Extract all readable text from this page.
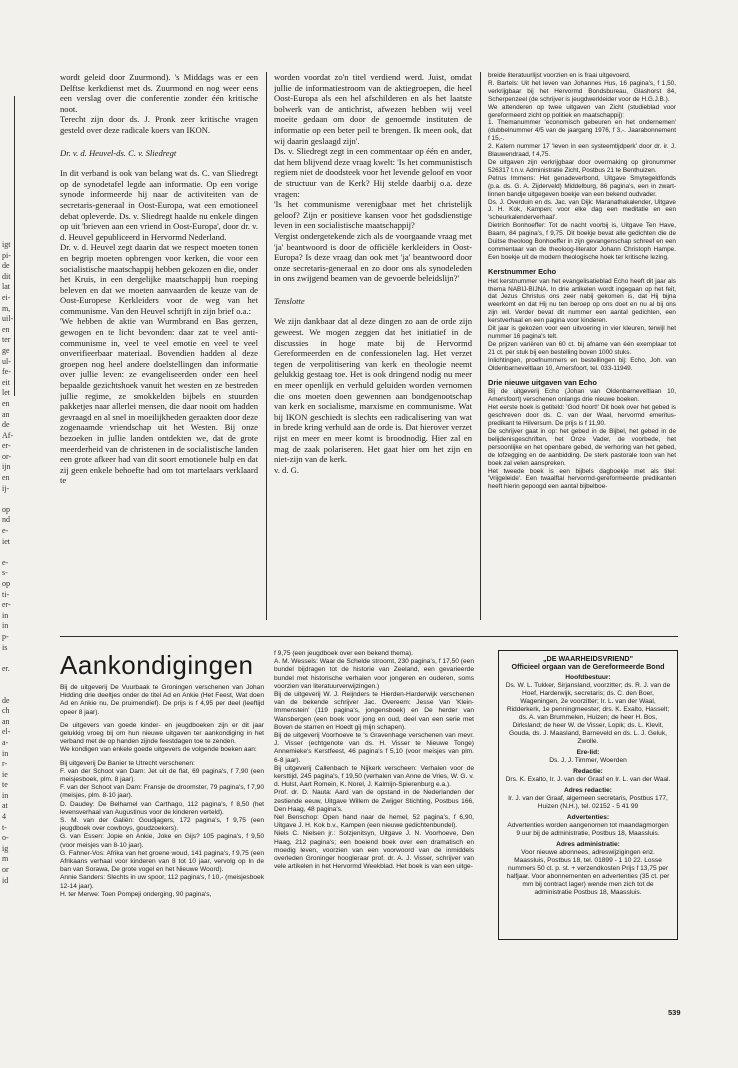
igt
pi-
de
dit
lat
ei-
m,
uil-
en
ter
ge
ul-
fe-
eit
let
en
an
de
Af-
er-
or-
ijn
en
ij-

op
nd
e-
iet

e-
s-
op
ti-
er-
in
in
p-
is

er.

de
ch
an
el-
a-
in
r-
ie
te
in
at
4
t-
o-
ig
m
or
id

wordt geleid door Zuurmond). 's Middags was er een Delftse kerkdienst met ds. Zuurmond en nog weer eens een verslag over die conferentie zonder één kritische noot.

Terecht zijn door ds. J. Pronk zeer kritische vragen gesteld over deze radicale koers van IKON.

Dr. v. d. Heuvel-ds. C. v. Sliedregt

In dit verband is ook van belang wat ds. C. van Sliedregt op de synodetafel legde aan informatie. Op een vorige synode informeerde hij naar de activiteiten van de secretaris-generaal in Oost-Europa, wat een emotioneel debat opleverde. Ds. v. Sliedregt haalde nu enkele dingen op uit 'brieven aan een vriend in Oost-Europa', door dr. v. d. Heuvel gepubliceerd in Hervormd Nederland.

Dr. v. d. Heuvel zegt daarin dat we respect moeten tonen en begrip moeten opbrengen voor kerken, die voor een socialistische maatschappij hebben gekozen en die, onder het Kruis, in een dergelijke maatschappij hun roeping beleven en dat we moeten aanvaarden de keuze van de Oost-Europese Kerkleiders voor de weg van het communisme. Van den Heuvel schrijft in zijn brief o.a.:

'We hebben de aktie van Wurmbrand en Bas gerzen, gewogen en te licht bevonden: daar zat te veel anti-communisme in, veel te veel emotie en veel te veel onverifieerbaar materiaal. Bovendien hadden al deze groepen nog heel andere doelstellingen dan informatie over jullie leven: ze evangeliseerden onder een heel bepaalde gezichtshoek vanuit het westen en ze bestreden jullie regime, ze smokkelden bijbels en stuurden pakketjes naar allerlei mensen, die daar nooit om hadden gevraagd en al snel in moeilijkheden geraakten door deze zogenaamde vriendschap uit het Westen. Bij onze bezoeken in jullie landen ontdekten we, dat de grote meerderheid van de christenen in de socialistische landen een grote afkeer had van dit soort emotionele hulp en dat zij geen enkele behoefte had om tot martelaars verklaard te

worden voordat zo'n titel verdiend werd. Juist, omdat jullie de informatiestroom van de aktiegroepen, die heel Oost-Europa als een hel afschilderen en als het laatste bolwerk van de antichrist, afwezen hebben wij veel moeite gedaan om door de genoemde instituten de informatie op een beter peil te brengen. Ik meen ook, dat wij daarin geslaagd zijn'.

Ds. v. Sliedregt zegt in een commentaar op één en ander, dat hem blijvend deze vraag kwelt: 'Is het communistisch regiem niet de doodsteek voor het levende geloof en voor de structuur van de Kerk? Hij stelde daarbij o.a. deze vragen:

'Is het communisme verenigbaar met het christelijk geloof? Zijn er positieve kansen voor het godsdienstige leven in een socialistische maatschappij?

Vergist ondergetekende zich als de voorgaande vraag met 'ja' beantwoord is door de officiële kerkleiders in Oost-Europa? Is deze vraag dan ook met 'ja' beantwoord door onze secretaris-generaal en zo door ons als synodeleden in ons zwijgend beamen van de gevoerde beleidslijn?'

Tenslotte

We zijn dankbaar dat al deze dingen zo aan de orde zijn geweest. We mogen zeggen dat het initiatief in de discussies in hoge mate bij de Hervormd Gereformeerden en de confessionelen lag. Het verzet tegen de verpolitisering van kerk en theologie neemt gelukkig gestaag toe. Het is ook dringend nodig nu meer en meer openlijk en verhuld geluiden worden vernomen die ons moeten doen gewennen aan bondgenootschap van kerk en socialisme, marxisme en communisme. Wat bij IKON geschiedt is slechts een radicalisering van wat in brede kring verhuld aan de orde is. Dat hierover verzet rijst en meer en meer komt is broodnodig. Hier zal en mag de zaak polariseren. Het gaat hier om het zijn en niet-zijn van de kerk.

v. d. G.

breide literatuurlijst voorzien en is fraai uitgevoerd.

R. Bartels: Uit het leven van Johannes Hus, 16 pagina's, f 1,50, verkrijgbaar bij het Hervormd Bondsbureau, Glashorst 84, Scherpenzeel (de schrijver is jeugdwerkleider voor de H.G.J.B.).

We attenderen op twee uitgaven van Zicht (studieblad voor gereformeerd zicht op politiek en maatschappij):

1. Themanummer 'economisch gebeuren en het ondernemen' (dubbelnummer 4/5 van de jaargang 1976, f 3,-. Jaarabonnement f 15,-.

2. Katern nummer 17 'leven in een systeemtijdperk' door dr. ir. J. Blauwendraad, f 4,75.

De uitgaven zijn verkrijgbaar door overmaking op gironummer 526317 t.n.v. Administratie Zicht, Postbus 21 te Benthuizen.

Petrus Immens: Het genadeverbond, Uitgave Smytegeldfonds (p.a. ds. G. A. Zijderveld) Middelburg, 86 pagina's, een in zwart-linnen bandje uitgegeven boekje van een bekend oudvader.

Ds. J. Overduin en ds. Jac. van Dijk: Maranathakalender, Uitgave J. H. Kok, Kampen; voor elke dag een meditatie en een 'scheurkalenderverhaal'.

Dietrich Bonhoeffer: Tot de nacht voorbij is, Uitgave Ten Have, Baarn, 84 pagina's, f 9,75. Dit boekje bevat alle gedichten die de Duitse theoloog Bonhoeffer in zijn gevangenschap schreef en een commentaar van de theoloog-literator Johann Christoph Hampe. Een boekje uit de modern theologische hoek ter kritische lezing.

Kerstnummer Echo

Het kerstnummer van het evangelisatieblad Echo heeft dit jaar als thema NABIJ-BIJNA. In drie artikelen wordt ingegaan op het feit, dat Jezus Christus ons zeer nabij gekomen is, dat Hij bijna weerkomt en dat Hij nu ten beroep op ons doet en nu al bij ons zijn wil. Verder bevat dit nummer een aantal gedichten, een kerstverhaal en een pagina voor kinderen.

Dit jaar is gekozen voor een uitvoering in vier kleuren, terwijl het nummer 16 pagina's telt.

De prijzen variëren van 60 ct. bij afname van één exemplaar tot 21 ct. per stuk bij een bestelling boven 1000 stuks.

Inlichtingen, proefnummers en bestellingen bij: Echo, Joh. van Oldenbarneveltlaan 10, Amersfoort, tel. 033-11949.

Drie nieuwe uitgaven van Echo

Bij de uitgeverij Echo (Johan van Oldenbarneveltlaan 10, Amersfoort) verschenen onlangs drie nieuwe boeken.

Het eerste boek is getiteld: 'God hoort!' Dit boek over het gebed is geschreven door ds. C. van der Waal, hervormd emeritus-predikant te Hilversum. De prijs is f 11,90.

De schrijver gaat in op: het gebed in de Bijbel, het gebed in de belijdenisgeschriften, het Onze Vader, de voorbede, het persoonlijke en het openbare gebed, de verhoring van het gebed, de lofzegging en de aanbidding. De sterk pastorale toon van het boek zal velen aanspreken.

Het tweede boek is een bijbels dagboekje met als titel: 'Vrijgeleide'. Een twaalftal hervormd-gereformeerde predikanten heeft hierin gepoogd een aantal bijbelboe-

Aankondigingen

Bij de uitgeverij De Vuurbaak te Groningen verschenen van Johan Hidding drie deeltjes onder de titel Ad en Ankie (Het Feest, Wat doen Ad en Ankie nu, De pruimendief). De prijs is f 4,95 per deel (leeftijd opeer 8 jaar).

De uitgevers van goede kinder- en jeugdboeken zijn er dit jaar gelukkig vroeg bij om hun nieuwe uitgaven ter aankondiging in het verband met de op handen zijnde feestdagen toe te zenden.

We kondigen van enkele goede uitgevers de volgende boeken aan:

Bij uitgeverij De Banier te Utrecht verschenen:

F. van der Schoot van Dam: Jet uit de flat, 69 pagina's, f 7,90 (een meisjesboek, plm. 8 jaar).

F. van der Schoot van Dam: Fransje de droomster, 79 pagina's, f 7,90 (meisjes, plm. 8-10 jaar).

D. Daudey: De Belhamel van Carthago, 112 pagina's, f 8,50 (het levensverhaal van Augustinus voor de kinderen verteld).

S. M. van der Galiën: Goudjagers, 172 pagina's, f 9,75 (een jeugdboek over cowboys, goudzoekers).

G. van Essen: Jopie en Ankie, Joke en Gijs? 105 pagina's, f 9,50 (voor meisjes van 8-10 jaar).

G. Fahner-Vos: Afrika van het groene woud, 141 pagina's, f 9,75 (een Afrikaans verhaal voor kinderen van 8 tot 10 jaar, vervolg op In de ban van Sorawa, De grote vogel en het Nieuwe Woord).

Annie Sanders: Slechts in uw spoor, 112 pagina's, f 10,- (meisjesboek 12-14 jaar).

H. ter Merwe: Toen Pompeji onderging, 90 pagina's,

f 9,75 (een jeugdboek over een bekend thema).

A. M. Wessels: Waar de Schelde stroomt, 230 pagina's, f 17,50 (een bundel bijdragen tot de historie van Zeeland, een gevarieerde bundel met historische verhalen voor jongeren en ouderen, soms voorzien van literatuurverwijzingen.)

Bij de uitgeverij W. J. Reijnders te Hierden-Harderwijk verschenen van de bekende schrijver Jac. Overeem: Jesse Van 'Klein-Immenstein' (119 pagina's, jongensboek) en De herder van Wansbergen (een boek voor jong en oud, deel van een serie met Boven de starren en Hoedt gij mijn schapen).

Bij de uitgeverij Voorhoeve te 's Gravenhage verschenen van mevr. J. Visser (echtgenote van ds. H. Visser te Nieuwe Tonge) Annemieke's Kerstfeest, 46 pagina's f 5,10 (voor meisjes van plm. 6-8 jaar).

Bij uitgeverij Callenbach te Nijkerk verscheen: Verhalen voor de kersttijd, 245 pagina's, f 19,50 (verhalen van Anne de Vries, W. G. v. d. Hulst, Aart Romein, K. Norel, J. Kalmijn-Spierenburg e.a.).

Prof. dr. D. Nauta: Aard van de opstand in de Nederlanden der zestiende eeuw, Uitgave Willem de Zwijger Stichting, Postbus 166, Den Haag, 48 pagina's.

Nel Benschop: Open hand naar de hemel, 52 pagina's, f 6,90, Uitgave J. H. Kok b.v., Kampen (een nieuwe gedichtenbundel).

Niels C. Nielsen jr.: Solzjenitsyn, Uitgave J. N. Voorhoeve, Den Haag, 212 pagina's; een boeiend boek over een dramatisch en moedig leven, voorzien van een voorwoord van de inmiddels overleden Groninger hoogleraar prof. dr. A. J. Visser, schrijver van vele artikelen in het Hervormd Weekblad. Het boek is van een uitge-

„DE WAARHEIDSVRIEND"
Officieel orgaan van de Gereformeerde Bond
Hoofdbestuur:
Ds. W. L. Tukker, Sirjansland, voorzitter; ds. R. J. van de Hoef, Harderwijk, secretaris; ds. C. den Boer, Wageningen, 2e voorzitter; Ir. L. van der Waal, Ridderkerk, 1e penningmeester; drs. K. Exalto, Hasselt; ds. A. van Brummelen, Huizen; de heer H. Bos, Dirksland; de heer W. de Visser, Lopik; ds. L. Klevit, Gouda, ds. J. Maasland, Barneveld en ds. L. J. Geluk, Zwolle.
Ere-lid:
Ds. J. J. Timmer, Woerden
Redactie:
Drs. K. Exalto, Ir. J. van der Graaf en Ir. L. van der Waal.
Adres redactie:
Ir. J. van der Graaf, algemeen secretaris, Postbus 177, Huizen (N.H.), tel. 02152 - 5 41 99
Advertenties:
Advertenties worden aangenomen tot maandagmorgen 9 uur bij de administratie, Postbus 18, Maassluis.
Adres administratie:
Voor nieuwe abonnees, adreswijzigingen enz. Maassluis, Postbus 18, tel. 01899 - 1 10 22. Losse nummers 50 ct. p. st. + verzendkosten Prijs f 13,75 per halfjaar. Voor abonnementen en advertenties (35 ct. per mm bij contract lager) wende men zich tot de administratie Postbus 18, Maassluis.
539
